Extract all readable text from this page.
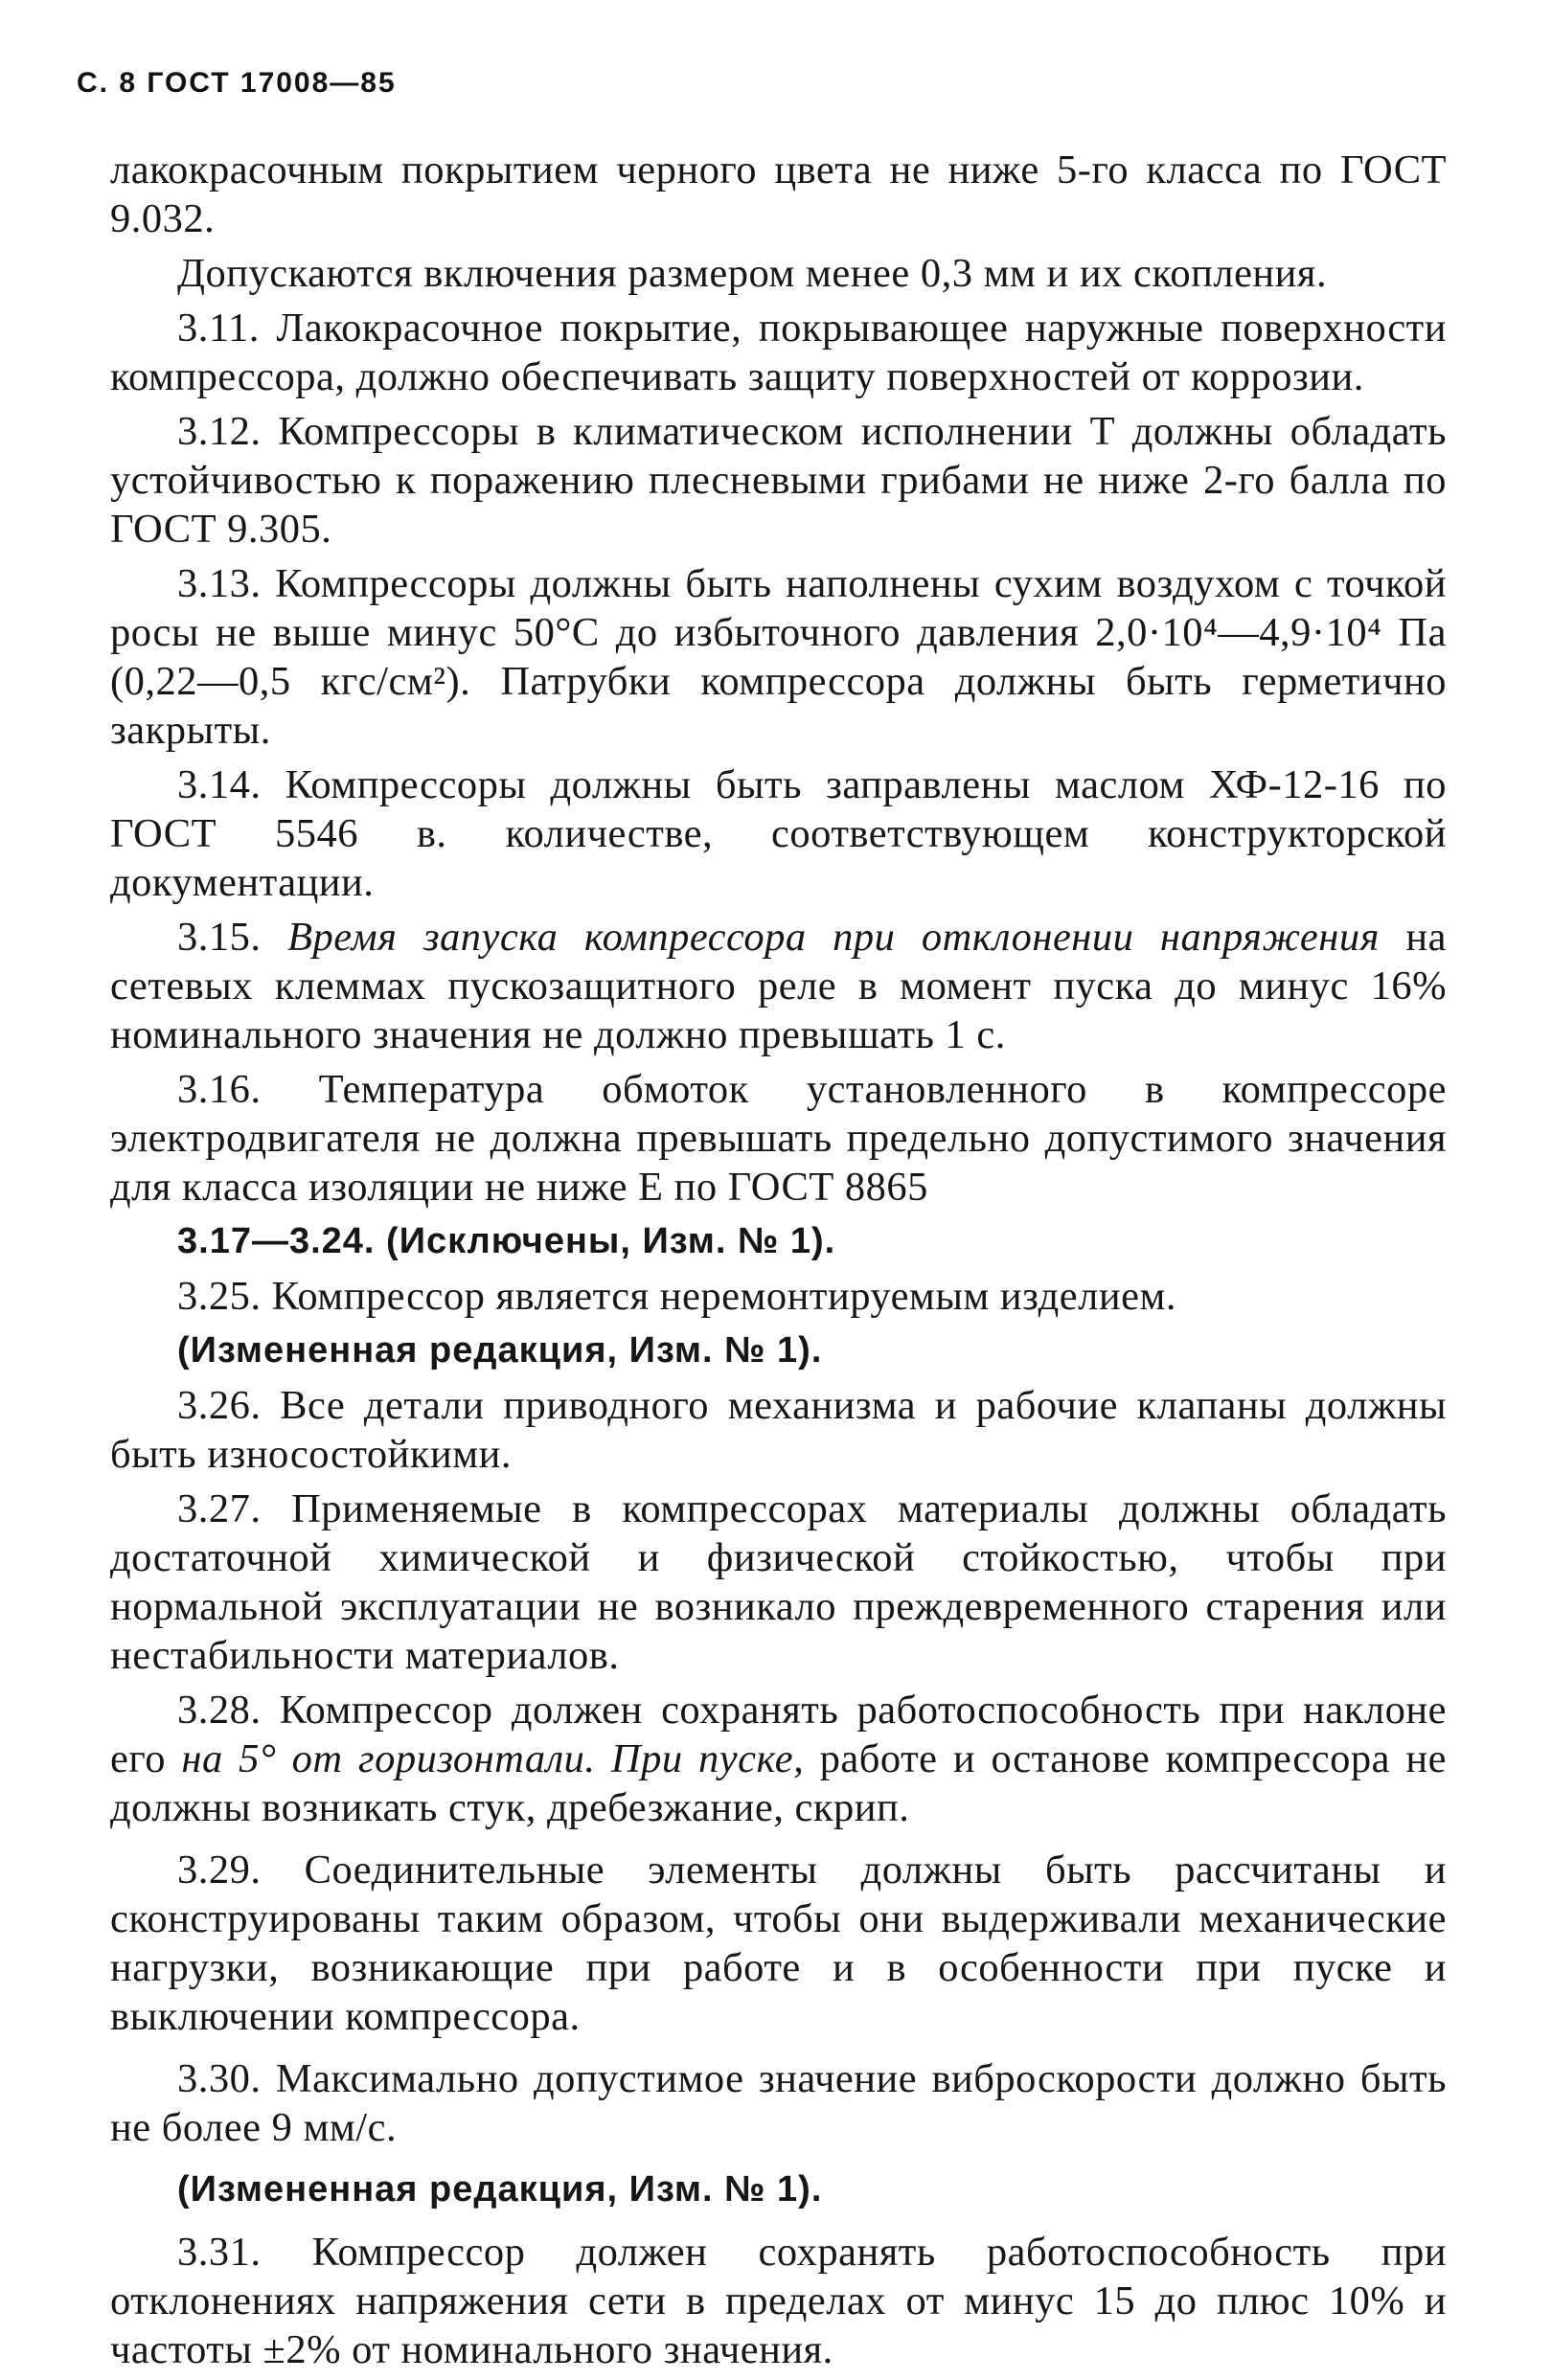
С. 8 ГОСТ 17008—85

лакокрасочным покрытием черного цвета не ниже 5-го класса по ГОСТ 9.032.

Допускаются включения размером менее 0,3 мм и их скопления.

3.11. Лакокрасочное покрытие, покрывающее наружные поверхности компрессора, должно обеспечивать защиту поверхностей от коррозии.

3.12. Компрессоры в климатическом исполнении Т должны обладать устойчивостью к поражению плесневыми грибами не ниже 2-го балла по ГОСТ 9.305.

3.13. Компрессоры должны быть наполнены сухим воздухом с точкой росы не выше минус 50°С до избыточного давления 2,0·10⁴—4,9·10⁴ Па (0,22—0,5 кгс/см²). Патрубки компрессора должны быть герметично закрыты.

3.14. Компрессоры должны быть заправлены маслом ХФ-12-16 по ГОСТ 5546 в. количестве, соответствующем конструкторской документации.

3.15. Время запуска компрессора при отклонении напряжения на сетевых клеммах пускозащитного реле в момент пуска до минус 16% номинального значения не должно превышать 1 с.

3.16. Температура обмоток установленного в компрессоре электродвигателя не должна превышать предельно допустимого значения для класса изоляции не ниже Е по ГОСТ 8865

3.17—3.24. (Исключены, Изм. № 1).

3.25. Компрессор является неремонтируемым изделием.

(Измененная редакция, Изм. № 1).

3.26. Все детали приводного механизма и рабочие клапаны должны быть износостойкими.

3.27. Применяемые в компрессорах материалы должны обладать достаточной химической и физической стойкостью, чтобы при нормальной эксплуатации не возникало преждевременного старения или нестабильности материалов.

3.28. Компрессор должен сохранять работоспособность при наклоне его на 5° от горизонтали. При пуске, работе и останове компрессора не должны возникать стук, дребезжание, скрип.

3.29. Соединительные элементы должны быть рассчитаны и сконструированы таким образом, чтобы они выдерживали механические нагрузки, возникающие при работе и в особенности при пуске и выключении компрессора.

3.30. Максимально допустимое значение виброскорости должно быть не более 9 мм/с.

(Измененная редакция, Изм. № 1).

3.31. Компрессор должен сохранять работоспособность при отклонениях напряжения сети в пределах от минус 15 до плюс 10% и частоты ±2% от номинального значения.
